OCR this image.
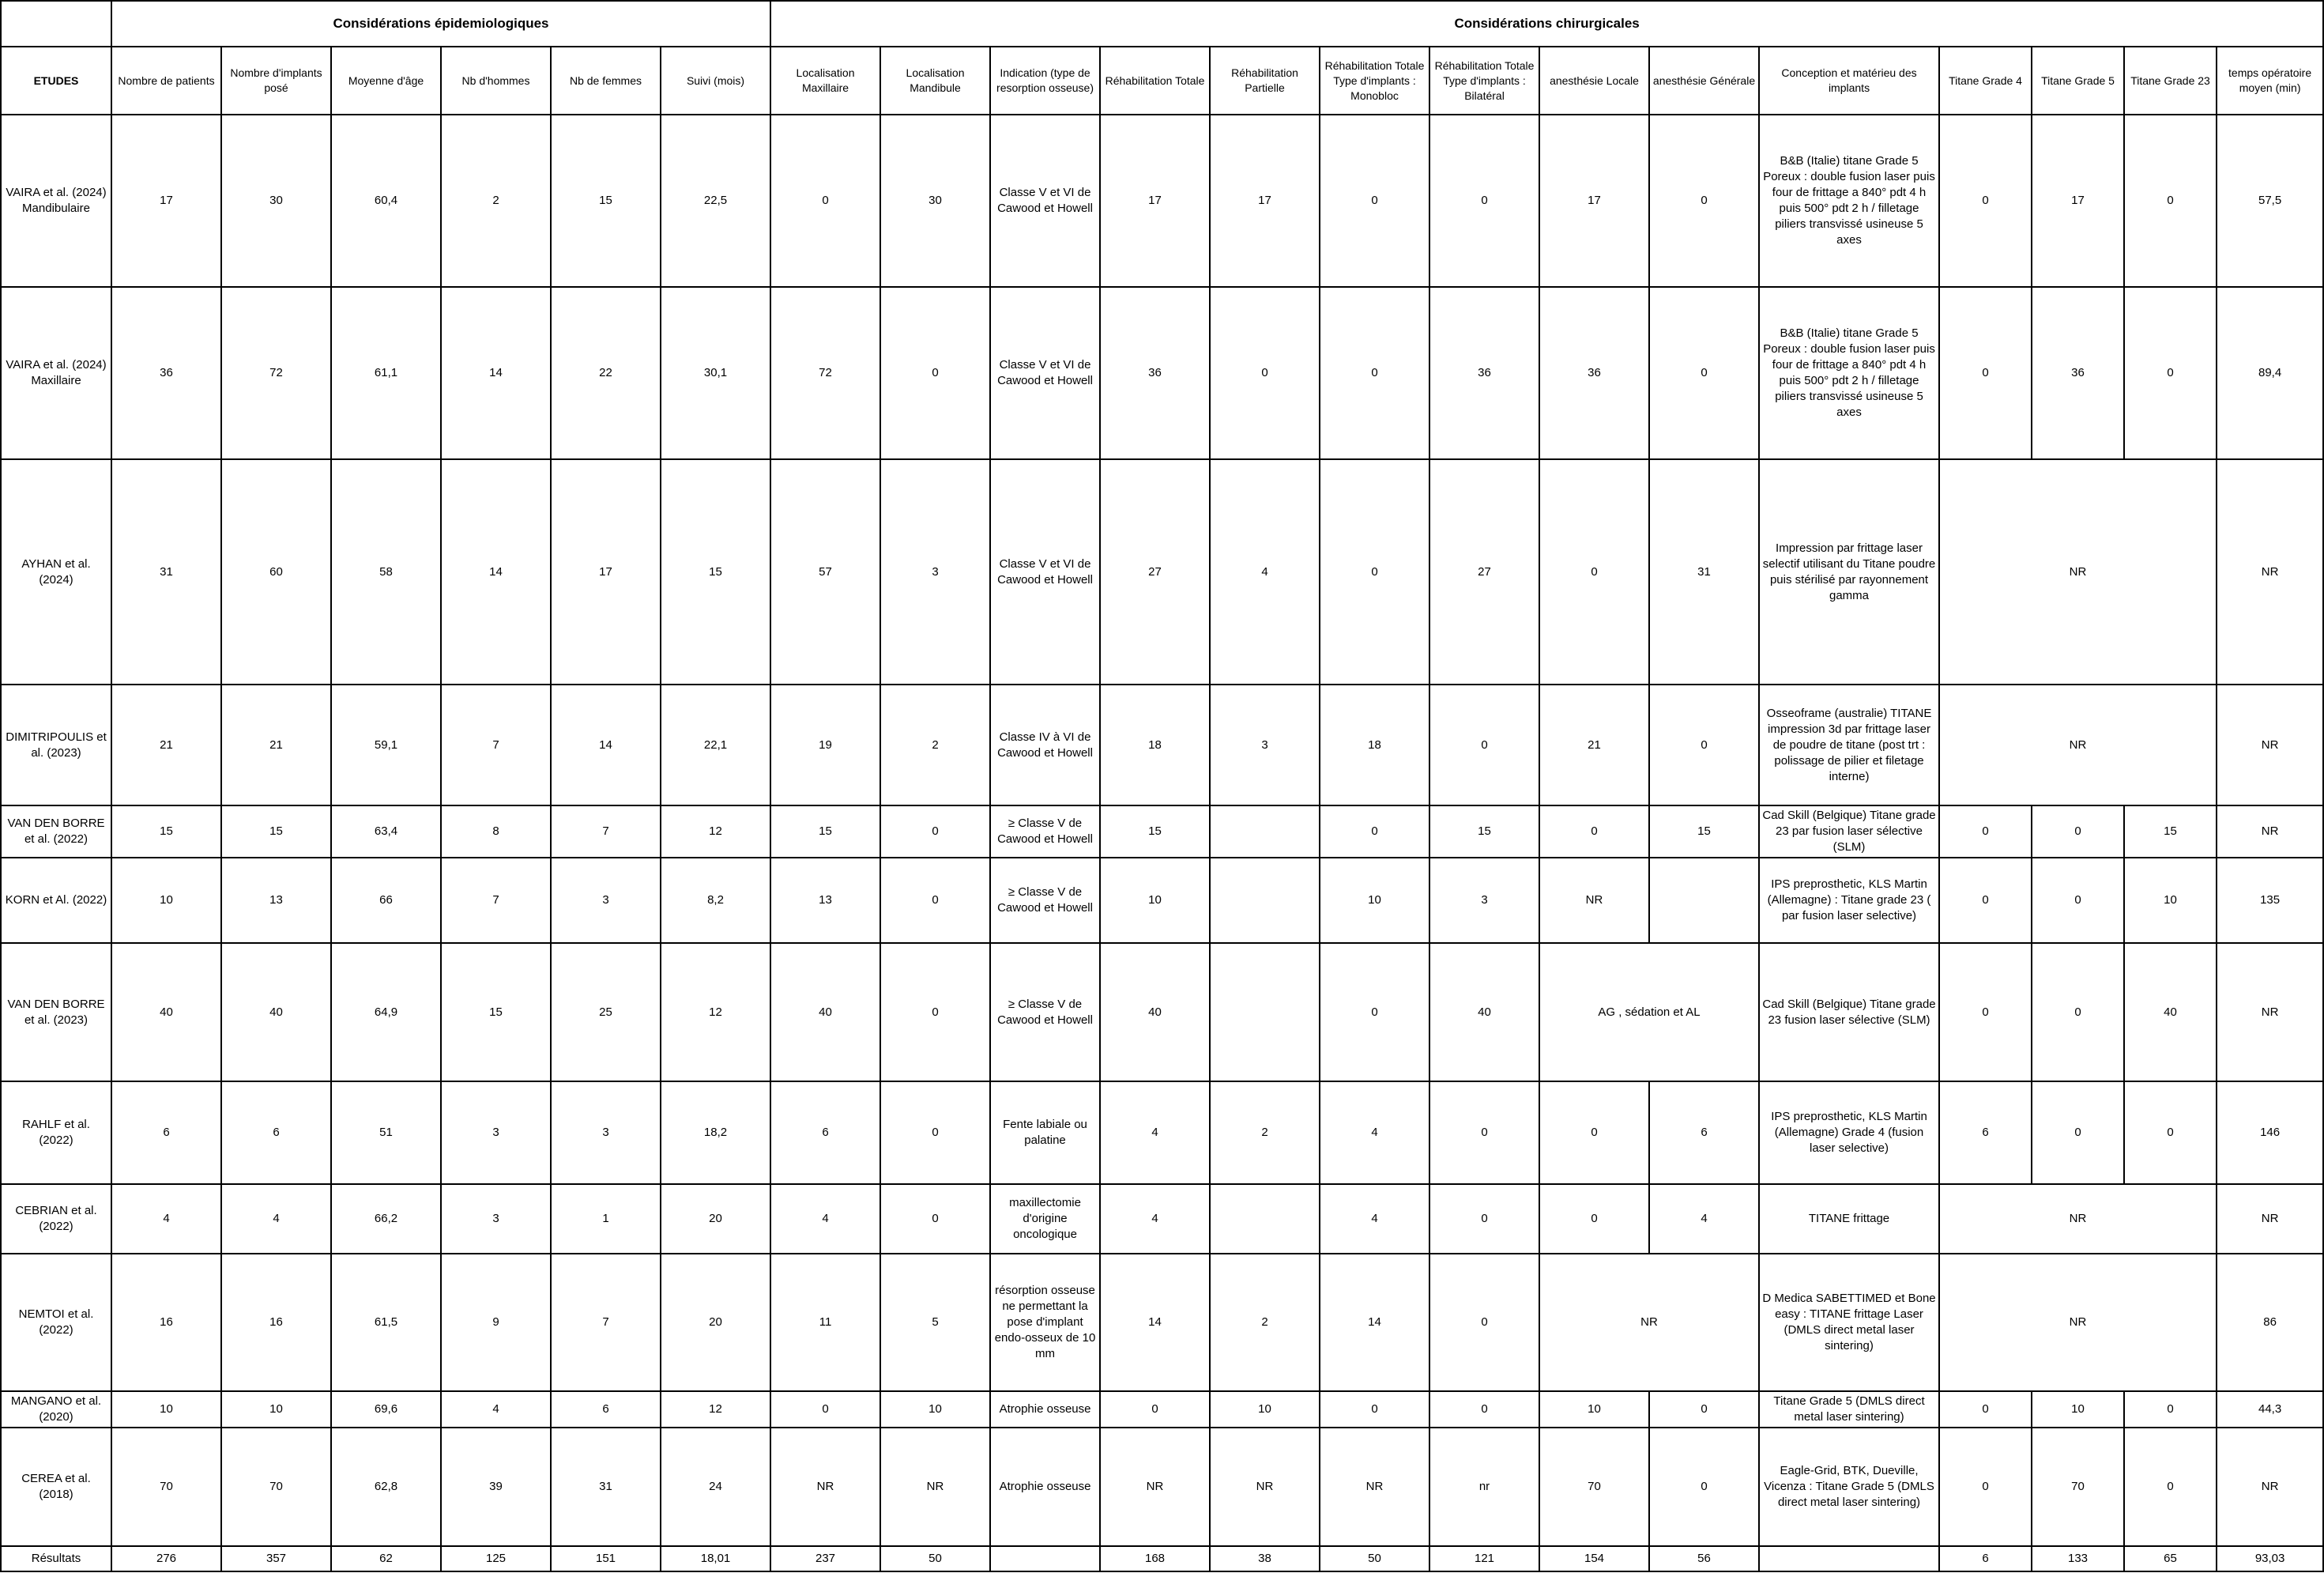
	Considérations épidemiologiques						Considérations chirurgicales													
ETUDES	Nombre de patients	Nombre d'implants posé	Moyenne d'âge	Nb d'hommes	Nb de femmes	Suivi (mois)	Localisation Maxillaire	Localisation Mandibule	Indication (type de resorption osseuse)	Réhabilitation Totale	Réhabilitation Partielle	Réhabilitation Totale Type d'implants : Monobloc	Réhabilitation Totale Type d'implants : Bilatéral	anesthésie Locale	anesthésie Générale	Conception et matérieu des implants	Titane Grade 4	Titane Grade 5	Titane Grade 23	temps opératoire moyen (min)
VAIRA et al. (2024) Mandibulaire	17	30	60,4	2	15	22,5	0	30	Classe V et VI de Cawood et Howell	17	17	0	0	17	0	B&B (Italie) titane Grade 5 Poreux : double fusion laser puis four de frittage a 840° pdt 4 h puis 500° pdt 2 h / filletage piliers transvissé usineuse 5 axes	0	17	0	57,5
VAIRA et al. (2024) Maxillaire	36	72	61,1	14	22	30,1	72	0	Classe V et VI de Cawood et Howell	36	0	0	36	36	0	B&B (Italie) titane Grade 5 Poreux : double fusion laser puis four de frittage a 840° pdt 4 h puis 500° pdt 2 h / filletage piliers transvissé usineuse 5 axes	0	36	0	89,4
AYHAN et al. (2024)	31	60	58	14	17	15	57	3	Classe V et VI de Cawood et Howell	27	4	0	27	0	31	Impression par frittage laser selectif utilisant du Titane poudre puis stérilisé par rayonnement gamma	NR			NR
DIMITRIPOULIS et al. (2023)	21	21	59,1	7	14	22,1	19	2	Classe IV à VI de Cawood et Howell	18	3	18	0	21	0	Osseoframe (australie) TITANE impression 3d par frittage laser de poudre de titane (post trt : polissage de pilier et filetage interne)	NR			NR
VAN DEN BORRE et al. (2022)	15	15	63,4	8	7	12	15	0	≥ Classe V de Cawood et Howell	15		0	15	0	15	Cad Skill (Belgique) Titane grade 23 par fusion laser sélective (SLM)	0	0	15	NR
KORN et Al. (2022)	10	13	66	7	3	8,2	13	0	≥ Classe V de Cawood et Howell	10		10	3	NR		IPS preprosthetic, KLS Martin (Allemagne) : Titane grade 23 ( par fusion laser selective)	0	0	10	135
VAN DEN BORRE et al. (2023)	40	40	64,9	15	25	12	40	0	≥ Classe V de Cawood et Howell	40		0	40	AG , sédation et AL		Cad Skill (Belgique) Titane grade 23 fusion laser sélective (SLM)	0	0	40	NR
RAHLF et al. (2022)	6	6	51	3	3	18,2	6	0	Fente labiale ou palatine	4	2	4	0	0	6	IPS preprosthetic, KLS Martin (Allemagne) Grade 4 (fusion laser selective)	6	0	0	146
CEBRIAN et al. (2022)	4	4	66,2	3	1	20	4	0	maxillectomie d'origine oncologique	4		4	0	0	4	TITANE frittage	NR			NR
NEMTOI et al. (2022)	16	16	61,5	9	7	20	11	5	résorption osseuse ne permettant la pose d'implant endo-osseux de 10 mm	14	2	14	0	NR		D Medica SABETTIMED et Bone easy : TITANE frittage Laser (DMLS direct metal laser sintering)	NR			86
MANGANO et al. (2020)	10	10	69,6	4	6	12	0	10	Atrophie osseuse	0	10	0	0	10	0	Titane Grade 5 (DMLS direct metal laser sintering)	0	10	0	44,3
CEREA et al. (2018)	70	70	62,8	39	31	24	NR	NR	Atrophie osseuse	NR	NR	NR	nr	70	0	Eagle-Grid, BTK, Dueville, Vicenza : Titane Grade 5 (DMLS direct metal laser sintering)	0	70	0	NR
Résultats	276	357	62	125	151	18,01	237	50		168	38	50	121	154	56		6	133	65	93,03
